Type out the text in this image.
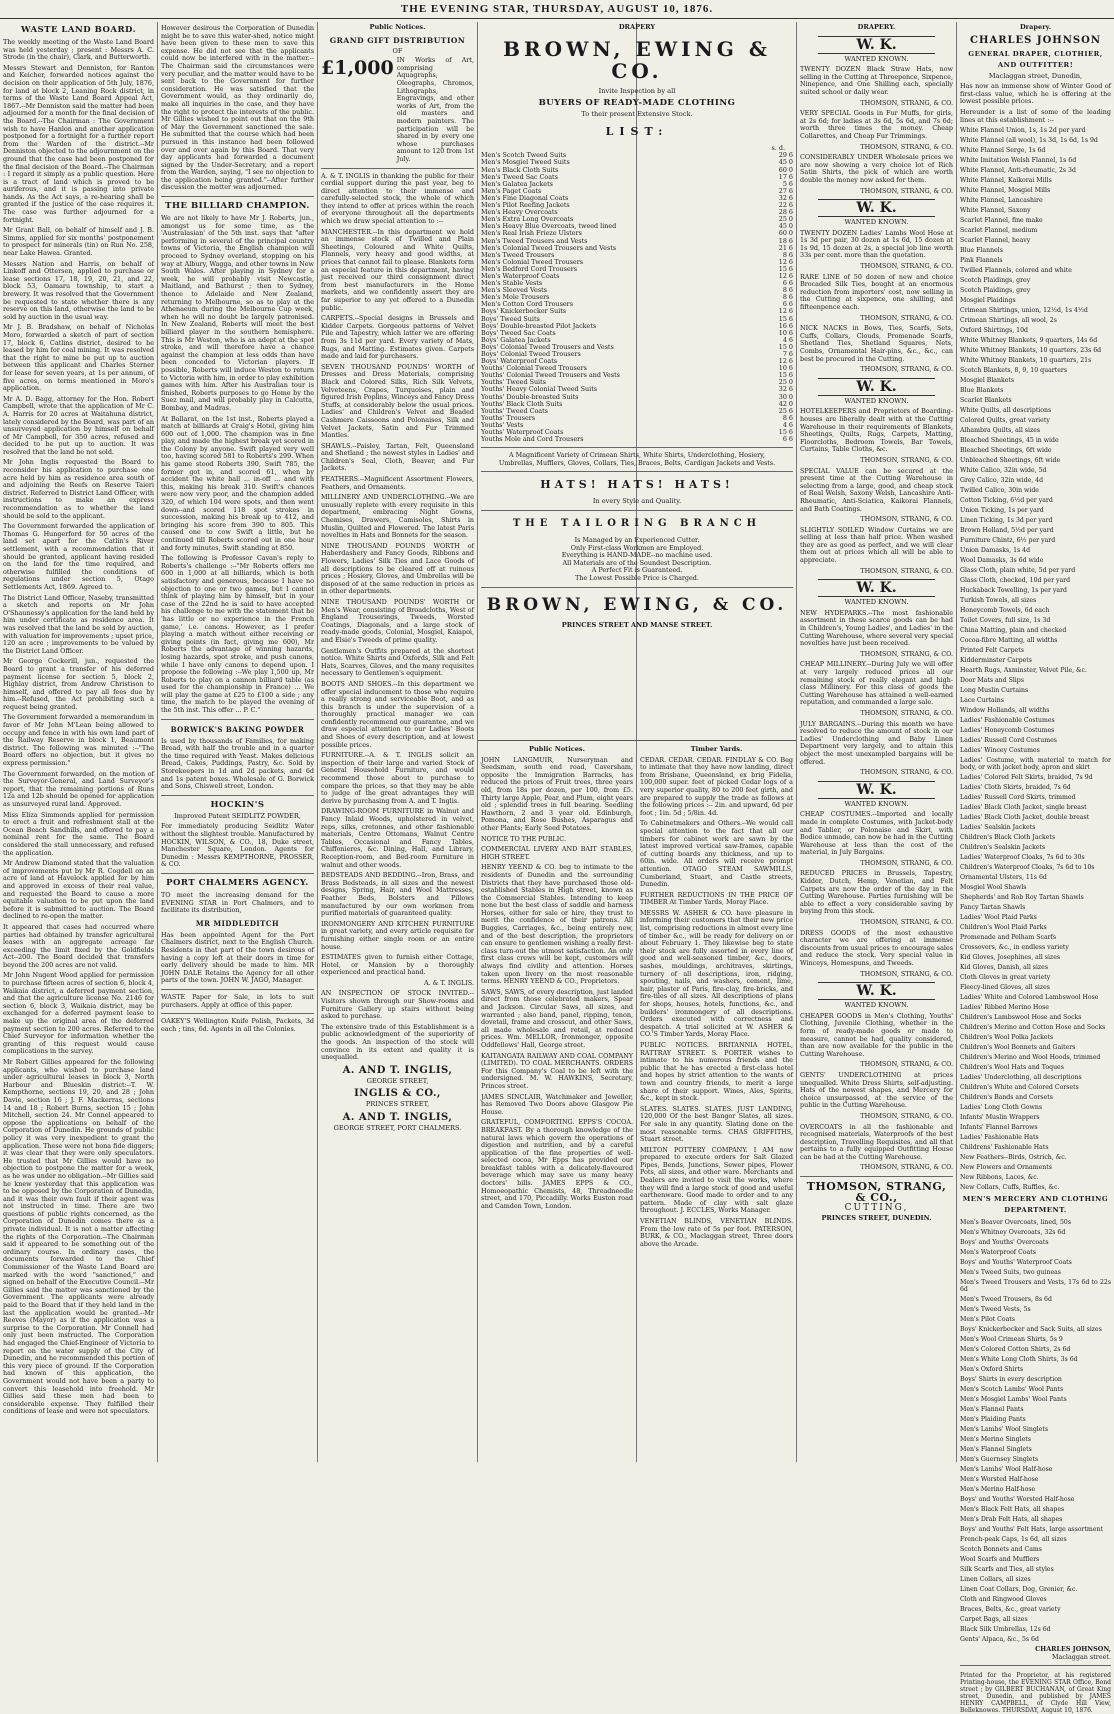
THE EVENING STAR, THURSDAY, AUGUST 10, 1876.
WASTE LAND BOARD.
The weekly meeting of the Waste Land Board was held yesterday ; present : Messrs A. C. Strode (in the chair), Clark, and Butterworth.
Messrs Stewart and Denniston, for Ranton and Keicher, forwarded notices against the decision on their application of 5th July, 1876, for land at block 2, Leaning Rock district, in terms of the Waste Land Board Appeal Act, 1867.--Mr Denniston said the matter had been adjourned for a month for the final decision of the Board.--The Chairman : The Government wish to have Hanlon and another application postponed for a fortnight for a further report from the Warden of the district.--Mr Denniston objected to the adjournment on the ground that the case had been postponed for the final decision of the Board.--The Chairman : I regard it simply as a public question. Here is a tract of land which is proved to be auriferous, and it is passing into private hands. As the Act says, a re-hearing shall be granted if the justice of the case requires it. The case was further adjourned for a fortnight.
Mr Grant Ball, on behalf of himself and J. B. Simms, applied for six months' postponement to prospect for minerals (tin) on Run No. 258, near Lake Hawea. Granted.
Messrs Nation and Harris, on behalf of Linkoff and Ottersen, applied to purchase or lease sections 17, 18, 19, 20, 21, and 22, block 53, Oamaru township, to start a brewery. It was resolved that the Government be requested to state whether there is any reserve on this land, otherwise the land to be sold by auction in the usual way.
Mr J. B. Bradshaw, on behalf of Nicholas Moro, forwarded a sketch of part of section 17, block 6, Catlins district, desired to be leased by him for coal mining. It was resolved that the right to mine be put up to auction between this applicant and Charles Sterner for lease for seven years, at 1s per annum, of five acres, on terms mentioned in Moro's application.
Mr A. D. Bagg, attorney for the Hon. Robert Campbell, wrote that the application of Mr C. A. Harris for 20 acres at Waitahuna district, lately considered by the Board, was part of an unsurveyed application by himself on behalf of Mr Campbell, for 350 acres, refused and decided to be put up to auction. It was resolved that the land be not sold.
Mr John Inglis requested the Board to reconsider his application to purchase one acre held by him as residence area south of and adjoining the Reefs on Reserve Taieri district. Referred to District Land Officer, with instructions to make an express recommendation as to whether the land should be sold to the applicant.
The Government forwarded the application of Thomas G. Hungerford for 50 acres of the land set apart for the Catlin's River settlement, with a recommendation that it should be granted, applicant having resided on the land for the time required, and otherwise fulfilled the conditions of regulations under section 5, Otago Settlements Act, 1869. Agreed to.
The District Land Officer, Naseby, transmitted a sketch and reports on Mr John O'Shaunessy's application for the land held by him under certificate as residence area. It was resolved that the land be sold by auction, with valuation for improvements ; upset price, 120 an acre ; improvements to be valued by the District Land Officer.
Mr George Cockerill, jun., requested the Board to grant a transfer of his deferred payment license for section 5, block 2, Highlay district, from Andrew Christison to himself, and offered to pay all fees due by him.--Refused, the Act prohibiting such a request being granted.
The Government forwarded a memorandum in favor of Mr John M'Lean being allowed to occupy and fence in with his own land part of the Railway Reserve in block 1, Beaumont district. The following was minuted :--"The Board offers no objection, but it gives no express permission."
The Government forwarded, on the motion of the Surveyor-General, and Land Surveyor's report, that the remaining portions of Runs 12a and 12b should be opened for application as unsurveyed rural land. Approved.
Miss Eliza Simmonds applied for permission to erect a fruit and refreshment stall at the Ocean Beach Sandhills, and offered to pay a nominal rent for the same. The Board considered the stall unnecessary, and refused the application.
Mr Andrew Diamond stated that the valuation of improvements put by Mr R. Cogdell on an acre of land at Havelock applied for by him and approved in excess of their real value, and requested the Board to cause a more equitable valuation to be put upon the land before it is submitted to auction. The Board declined to re-open the matter.
It appeared that cases had occurred where parties had obtained by transfer agricultural leases with an aggregate acreage far exceeding the limit fixed by the Goldfields Act--200. The Board decided that transfers beyond the 200 acres are not valid.
Mr John Nugent Wood applied for permission to purchase fifteen acres of section 6, block 4, Waikaia district, a deferred payment section, and that the agriculture license No. 2146 for section 6, block 3, Waikaia district, may be exchanged for a deferred payment lease to make up the original area of the deferred payment section to 200 acres. Referred to the Chief Surveyor for information whether the granting of this request would cause complications in the survey.
Mr Robert Gillies appeared for the following applicants, who wished to purchase land under agricultural leases in block 3, North Harbour and Blueskin district:--T. W. Kempthorne, sections 19, 20, and 28 ; John Davie, section 16 ; J. F. Mackerras, sections 14 and 18 ; Robert Burns, section 15 ; John Mitchell, section 24. Mr Connel appeared to oppose the applications on behalf of the Corporation of Dunedin. He grounds of public policy it was very inexpedient to grant the application. These were not bona fide diggers; it was clear that they were only speculators. He trusted that Mr Gillies would have no objection to postpone the matter for a week, as he was under no obligation.--Mr Gillies said he knew yesterday that this application was to be opposed by the Corporation of Dunedin, and it was their own fault if their agent was not instructed in time. There are two questions of public rights concerned, as the Corporation of Dunedin comes there as a private individual. It is not a matter affecting the rights of the Corporation.--The Chairman said it appeared to be something out of the ordinary course. In ordinary cases, the documents forwarded to the Chief Commissioner of the Waste Land Board are marked with the word "sanctioned," and signed on behalf of the Executive Council.--Mr Gillies said the matter was sanctioned by the Government. The applicants were already paid to the Board that if they held land in the last the application would be granted.--Mr Reeves (Mayor) as if the application was a surprise to the Corporation. Mr Connell had only just been instructed. The Corporation had engaged the Chief-Engineer of Victoria to report on the water supply of the City of Dunedin, and he recommended this portion of this very piece of ground. If the Corporation had known of this application, the Government would not have been a party to convert this leasehold into freehold. Mr Gillies said these men had been to considerable expense. They fulfilled their conditions of lease and were not speculators.
However desirous the Corporation of Dunedin might be to save this water-shed, notice might have been given to these men to save this expense. He did not see that the applicants could now be interfered with in the matter.--The Chairman said the circumstances were very peculiar, and the matter would have to be sent back to the Government for further consideration. He was satisfied that the Government would, as they ordinarily do, make all inquiries in the case, and they have the right to protect the interests of the public. Mr Gillies wished to point out that on the 9th of May the Government sanctioned the sale. He submitted that the course which had been pursued in this instance had been followed over and over again by this Board. That very day applicants had forwarded a document signed by the Under-Secretary, and a report from the Warden, saying, "I see no objection to the application being granted."--After further discussion the matter was adjourned.
THE BILLIARD CHAMPION.
We are not likely to have Mr J. Roberts, jun., amongst us for some time, as the 'Australasian' of the 5th inst. says that "after performing in several of the principal country towns of Victoria, the English champion will proceed to Sydney overland, stopping on his way at Albury, Wagga, and other towns in New South Wales. After playing in Sydney for a week, he will probably visit Newcastle, Maitland, and Bathurst ; then to Sydney, thence to Adelaide and New Zealand, returning to Melbourne, so as to play at the Athenaeum during the Melbourne Cup week, when he will no doubt be largely patronised. In New Zealand, Roberts will meet the best billiard player in the southern hemisphere. This is Mr Weston, who is an adept at the spot stroke, and will therefore have a chance against the champion at less odds than have been conceded to Victorian players. If possible, Roberts will induce Weston to return to Victoria with him, in order to play exhibition games with him. After his Australian tour is finished, Roberts purposes to go Home by the Suez mail, and will probably play in Calcutta, Bombay, and Madras.
At Ballarat, on the 1st inst., Roberts played a match at billiards at Craig's Hotel, giving him 600 out of 1,000. The champion was in fine play, and made the highest break yet scored in the Colony by anyone. Swift played very well too, having scored 581 to Roberts's 299. When his game stood Roberts 390, Swift 785, the former got in, and scored 61, when by accident the white ball ... in-off ... and with this, making his break 310. Swift's chances were now very poor, and the champion added 320, of which 104 were spots, and then went down--and scored 118 spot strokes in succession, making his break up to 412, and bringing his score from 390 to 805. This caused one to cow Swift a little, but he continued till Roberts scored out in one hour and forty minutes, Swift standing at 850.
The following is Professor Cavan's reply to Roberts's challenge :--"Mr Roberts offers me 600 in 1,000 at all billiards, which is both satisfactory and generous, because I have no objection to one or two games, but I cannot think of playing him by himself, but in your case of the 22nd he is said to have accepted his challenge to me with the statement that he 'has little or no experience in the French game,' i.e. canons. However, as I prefer playing a match without either receiving or giving points (in fact, giving me 600), Mr Roberts the advantage of winning hazards, losing hazards, spot stroke, and push canons, while I have only canons to depend upon. I propose the following :--We play 1,500 up, Mr Roberts to play on a cannon billiard table (as used for the championship in France) ... We will play the game at £25 to £100 a side ; any time, the match to be played the evening of the 5th inst. This offer ... P. C."
BORWICK'S BAKING POWDER
Is used by thousands of Families, for making Bread, with half the trouble and in a quarter the time required with Yeast. Makes delicious Bread, Cakes, Puddings, Pastry, &c. Sold by Storekeepers in 1d and 2d packets, and 6d and 1s patent boxes. Wholesale of G. Borwick and Sons, Chiswell street, London.
HOCKIN'S
Improved Patent SEIDLITZ POWDER,
For immediately producing Seidlitz Water without the slightest trouble. Manufactured by HOCKIN, WILSON, & CO., 18, Duke street, Manchester Square, London. Agents for Dunedin : Messrs KEMPTHORNE, PROSSER, & CO.
PORT CHALMERS AGENCY.
TO meet the increasing demand for the EVENING STAR in Port Chalmers, and to facilitate its distribution,
MR MIDDLEDITCH
Has been appointed Agent for the Port Chalmers district, next to the English Church. Residents in that part of the town desirous of having a copy left at their doors in time for early delivery should be made to him. MR JOHN DALE Retains the Agency for all other parts of the town. JOHN W. JAGO, Manager.
WASTE Paper for Sale, in lots to suit purchasers. Apply at office of this paper.
OAKEY'S Wellington Knife Polish, Packets, 3d each ; tins, 6d. Agents in all the Colonies.
Public Notices.
GRAND GIFT DISTRIBUTION
OF
£1,000 IN Works of Art, comprising Aquagraphs, Oleographs, Chromos, Lithographs, Engravings, and other works of Art, from the old masters and modern painters. The participation will be shared in by every one whose purchases amount to 120 from 1st July.
A. & T. INGLIS in thanking the public for their cordial support during the past year, beg to direct attention to their immense and carefully-selected stock, the whole of which they intend to offer at prices within the reach of everyone throughout all the departments which we draw special attention to :--
MANCHESTER.--In this department we hold an immense stock of Twilled and Plain Sheetings, Coloured and White Quilts, Flannels, very heavy and good widths, at prices that cannot fail to please. Blankets form an especial feature in this department, having just received our third consignment direct from best manufacturers in the Home markets, and we confidently assert they are far superior to any yet offered to a Dunedin public.
CARPETS.--Special designs in Brussels and Kidder Carpets. Gorgeous patterns of Velvet Pile and Tapestry, which latter we are offering from 3s 11d per yard. Every variety of Mats, Rugs, and Matting. Estimates given. Carpets made and laid for purchasers.
SEVEN THOUSAND POUNDS' WORTH of Dresses and Dress Materials, comprising Black and Colored Silks, Rich Silk Velvets, Velveteens, Crapes, Turquoises, plain and figured Irish Poplins, Winceys and Fancy Dress Stuffs, at considerably below the usual prices. Ladies' and Children's Velvet and Beaded Cashmere Caissoons and Polonaises, Silk and Velvet Jackets, Satin and Fur Trimmed Mantles.
SHAWLS.--Paisley, Tartan, Felt, Queensland and Shetland ; the newest styles in Ladies' and Children's Seal, Cloth, Beaver, and Fur Jackets.
FEATHERS.--Magnificent Assortment Flowers, Feathers, and Ornaments.
MILLINERY AND UNDERCLOTHING.--We are unusually replete with every requisite in this department, embracing Night Gowns, Chemises, Drawers, Camisoles, Shirts in Muslin, Quilted and Flowered. The latest Paris novelties in Hats and Bonnets for the season.
NINE THOUSAND POUNDS WORTH of Haberdashery and Fancy Goods, Ribbons and Flowers, Ladies' Silk Ties and Lace Goods of all descriptions to be cleared off at ruinous prices ; Hosiery, Gloves, and Umbrellas will be disposed of at the same reduction in prices as in other departments.
NINE THOUSAND POUNDS' WORTH Of Men's Wear, consisting of Broadcloths, West of England Trouserings, Tweeds, Worsted Coatings, Diagonals, and a large stock of ready-made goods, Colonial, Mosgiel, Kaiapoi, and Elsie's Tweeds of prime quality.
Gentlemen's Outfits prepared at the shortest notice. White Shirts and Oxfords, Silk and Felt Hats, Scarves, Gloves, and the many requisites necessary to Gentlemen's equipment.
BOOTS AND SHOES.--In this department we offer special inducement to those who require a really strong and serviceable Boot, and as this branch is under the supervision of a thoroughly practical manager we can confidently recommend our guarantee, and we draw especial attention to our Ladies' Boots and Shoes of every description, and at lowest possible prices.
FURNITURE.--A. & T. INGLIS solicit an inspection of their large and varied Stock of General Household Furniture, and would recommend those about to purchase to compare the prices, so that they may be able to judge of the great advantages they will derive by purchasing from A. and T. Inglis.
DRAWING-ROOM FURNITURE in Walnut and Fancy Inlaid Woods, upholstered in velvet, reps, silks, cretonnes, and other fashionable materials, Centre Ottomans, Walnut Centre Tables, Occasional and Fancy Tables, Chiffonieres, &c. Dining, Hall, and Library, Reception-room, and Bed-room Furniture in walnut and other woods.
BEDSTEADS AND BEDDING.--Iron, Brass, and Brass Bedsteads, in all sizes and the newest designs, Spring, Hair, and Wool Mattresses, Feather Beds, Bolsters and Pillows manufactured by our own workmen from purified materials of guaranteed quality.
IRONMONGERY AND KITCHEN FURNITURE in great variety, and every article requisite for furnishing either single room or an entire house.
ESTIMATES given to furnish either Cottage, Hotel, or Mansion by a thoroughly experienced and practical hand.
A. & T. INGLIS.
AN INSPECTION OF STOCK INVITED.--Visitors shown through our Show-rooms and Furniture Gallery up stairs without being asked to purchase.
The extensive trade of this Establishment is a public acknowledgment of the superiority of the goods. An inspection of the stock will convince in its extent and quality it is unequalled.
A. AND T. INGLIS,
GEORGE STREET,
INGLIS & CO.,
PRINCES STREET,
A. AND T. INGLIS,
GEORGE STREET, PORT CHALMERS.
DRAPERY
BROWN, EWING & CO.
Invite Inspection by all
BUYERS OF READY-MADE CLOTHING
To their present Extensive Stock.
LIST:
s. d.
Men's Scotch Tweed Suits	29 6
Men's Mosgiel Tweed Suits	45 0
Men's Black Cloth Suits	60 0
Men's Tweed Sac Coats	17 6
Men's Galatea Jackets	5 6
Men's Paget Coats	27 6
Men's Fine Diagonal Coats	32 6
Men's Pilot Reefing Jackets	22 6
Men's Heavy Overcoats	28 6
Men's Extra Long Overcoats	25 0
Men's Heavy Blue Overcoats, tweed lined	45 0
Men's Real Irish Frieze Ulsters	60 0
Men's Tweed Trousers and Vests	18 6
Men's Colonial Tweed Trousers and Vests	21 6
Men's Tweed Trousers	8 6
Men's Colonial Tweed Trousers	12 6
Men's Bedford Cord Trousers	15 6
Men's Waterproof Coats	12 6
Men's Stable Vests	6 6
Men's Sleeved Vests	8 6
Men's Mole Trousers	8 6
Men's Cotton Cord Trousers	6 6
Boys' Knickerbocker Suits	12 6
Boys' Tweed Suits	15 6
Boys' Double-breasted Pilot Jackets	16 6
Boys' Tweed Sac Coats	10 6
Boys' Galatea Jackets	4 6
Boys' Colonial Tweed Trousers and Vests	15 0
Boys' Colonial Tweed Trousers	7 6
Boys' Waterproof Coats	12 6
Youths' Colonial Tweed Trousers	10 6
Youths' Colonial Tweed Trousers and Vests	15 6
Youths' Tweed Suits	25 0
Youths' Heavy Colonial Tweed Suits	32 6
Youths' Double-breasted Suits	30 0
Youths' Black Cloth Suits	42 0
Youths' Tweed Coats	25 6
Youths' Trousers	8 6
Youths' Vests	4 6
Youths' Waterproof Coats	15 6
Youths Mole and Cord Trousers	6 6
A Magnificent Variety of Crimean Shirts, White Shirts, Underclothing, Hosiery, Umbrellas, Mufflers, Gloves, Collars, Ties, Braces, Belts, Cardigan Jackets and Vests.
HATS! HATS! HATS!
In every Style and Quality.
THE TAILORING BRANCH
Is Managed by an Experienced Cutter.
Only First-class Workmen are Employed.
Everything is HAND-MADE--no machine used.
All Materials are of the Soundest Description.
A Perfect Fit is Guaranteed.
The Lowest Possible Price is Charged.
BROWN, EWING, & CO.
PRINCES STREET AND MANSE STREET.
Public Notices.
JOHN LANGMUIR, Nurseryman and Seedsman, south end road, Caversham, opposite the Immigration Barracks, has reduced the prices of Fruit trees, three years old, from 18s per dozen, per 100, from £5. Thirty large Apple, Pear, and Plum, eight years old ; splendid trees in full bearing. Seedling Hawthorn, 2 and 3 year old. Edinburgh, Pomona, and Rose Bushes, Asparagus and other Plants; Early Seed Potatoes.
NOTICE TO THE PUBLIC.
COMMERCIAL LIVERY AND BAIT STABLES, HIGH STREET.
HENRY YEEND & CO. beg to intimate to the residents of Dunedin and the surrounding Districts that they have purchased those old-established Stables in High street, known as the Commercial Stables. Intending to keep none but the best class of saddle and harness Horses, either for sale or hire, they trust to merit the confidence of their patrons. All Buggies, Carriages, &c., being entirely new, and of the best description, the proprietors can ensure to gentlemen wishing a really first-class turn-out the utmost satisfaction. An only first class crews will be kept, customers will always find civility and attention. Horses taken upon livery on the most reasonable terms. HENRY YEEND & CO., Proprietors.
SAWS, SAWS, of every description, just landed direct from those celebrated makers, Spear and Jackson. Circular Saws, all sizes, and warranted ; also band, panel, ripping, tenon, dovetail, frame and crosscut, and other Saws, all made wholesale and retail, at reduced prices. Wm. MELLOR, Ironmonger, opposite Oddfellows' Hall, George street.
KAITANGATA RAILWAY AND COAL COMPANY (LIMITED). TO COAL MERCHANTS. ORDERS For this Company's Coal to be left with the undersigned. M. W. HAWKINS, Secretary, Princes street.
JAMES SINCLAIR, Watchmaker and Jeweller, has Removed Two Doors above Glasgow Pie House.
GRATEFUL, COMFORTING. EPPS'S COCOA. BREAKFAST. By a thorough knowledge of the natural laws which govern the operations of digestion and nutrition, and by a careful application of the fine properties of well-selected cocoa, Mr Epps has provided our breakfast tables with a delicately-flavoured beverage which may save us many heavy doctors' bills. JAMES EPPS & CO., Homoeopathic Chemists, 48, Threadneedle street, and 170, Piccadilly. Works Euston road and Camden Town, London.
Timber Yards.
CEDAR. CEDAR. CEDAR. FINDLAY & CO. Beg to intimate that they have now landing, direct from Brisbane, Queensland, ex brig Fidelia, 100,000 super. feet of picked Cedar logs of a very superior quality, 80 to 200 feet girth, and are prepared to supply the trade as follows at the following prices :-- 2in. and upward, 6d per foot ; 1in. 5d ; 5/8in. 4d.
To Cabinetmakers and Others.--We would call special attention to the fact that all our timbers for cabinet work are sawn by the latest improved vertical saw-frames, capable of cutting boards any thickness, and up to 60in. wide. All orders will receive prompt attention. OTAGO STEAM SAWMILLS, Cumberland, Stuart, and Castle streets, Dunedin.
FURTHER REDUCTIONS IN THE PRICE OF TIMBER At Timber Yards, Moray Place.
MESSRS W. ASHER & CO. have pleasure in informing their customers that their new price list, comprising reductions in almost every line of timber &c., will be ready for delivery on or about February 1. They likewise beg to state their stock are fully assorted in every line of good and well-seasoned timber, &c., doors, sashes, mouldings, architraves, skirtings, turnery of all descriptions, iron, ridging, spouting, nails, and washers, cement, lime, hair, plaster of Paris, fire-clay, fire-bricks, and fire-tiles of all sizes. All descriptions of plans for shops, houses, hotels, functions, &c., and builders' ironmongery of all descriptions. Orders executed with correctness and despatch. A trial solicited at W. ASHER & CO.'S Timber Yards, Moray Place.
PUBLIC NOTICES. BRITANNIA HOTEL, RATTRAY STREET. S. PORTER wishes to intimate to his numerous friends and the public that he has erected a first-class hotel and hopes by strict attention to the wants of town and country friends, to merit a large share of their support. Wines, Ales, Spirits, &c., kept in stock.
SLATES. SLATES. SLATES. JUST LANDING, 120,000 Of the best Bangor Slates, all sizes. For sale in any quantity. Slating done on the most reasonable terms. CHAS GRIFFITHS, Stuart street.
MILTON POTTERY COMPANY. I AM now prepared to execute orders for Salt Glazed Pipes, Bends, Junctions, Sewer pipes, Flower Pots, all sizes, and other ware. Merchants and Dealers are invited to visit the works, where they will find a large stock of good and useful earthenware. Good made to order and to any pattern. Made of clay with salt glaze throughout. J. ECCLES, Works Manager.
VENETIAN BLINDS, VENETIAN BLINDS. From the low rate of 5s per foot. PATERSON, BURK, & CO., Maclaggan street, Three doors above the Arcade.
DRAPERY.
W. K.
WANTED KNOWN.
TWENTY DOZEN Black Straw Hats, now selling in the Cutting at Threepence, Sixpence, Ninepence, and One Shilling each, specially suited school or daily wear.
THOMSON, STRANG, & CO.
VERY SPECIAL Goods in Fur Muffs, for girls, at 2s 6d; for ladies at 3s 6d, 5s 6d, and 7s 6d; worth three times the money. Cheap Collarettes, and Cheap Fur Trimmings.
THOMSON, STRANG, & CO.
CONSIDERABLY UNDER Wholesale prices we are now showing a very choice lot of Rich Satin Shirts, the pick of which are worth double the money now asked for them.
THOMSON, STRANG, & CO.
W. K.
WANTED KNOWN.
TWENTY DOZEN Ladies' Lambs Wool Hose at 1s 3d per pair, 30 dozen at 1s 6d, 15 dozen at 1s 9d, 15 dozen at 2s, a special job line worth 33s per cent. more than the quotation.
THOMSON, STRANG, & CO.
RARE LINE of 50 dozen of new and choice Brocaded Silk Ties, bought at an enormous reduction from importers' cost, now selling in the Cutting at sixpence, one shilling, and fifteenpence each.
THOMSON, STRANG, & CO.
NICK NACKS in Bows, Ties, Scarfs, Sets, Cuffs, Collars, Clouds, Promenade Scarfs, Shetland Ties, Shetland Squares, Nets, Combs, Ornamental Hair-pins, &c., &c., can best be procured in the Cutting.
THOMSON, STRANG, & CO.
W. K.
WANTED KNOWN.
HOTELKEEPERS and Proprietors of Boarding-houses are liberally dealt with at the Cutting Warehouse in their requirements of Blankets, Sheetings, Quilts, Rugs, Carpets, Matting, Floorcloths, Bedroom Towels, Bar Towels, Curtains, Table Cloths, &c.
THOMSON, STRANG, & CO.
SPECIAL VALUE can be secured at the present time at the Cutting Warehouse in selecting from a large, good, and cheap stock of Real Welsh, Saxony Welsh, Lancashire Anti-Rheumatic, Anti-Sciatica, Kaikorai Flannels, and Bath Coatings.
THOMSON, STRANG, & CO.
SLIGHTLY SOILED Window Curtains we are selling at less than half price. When washed they are as good as perfect, and we will clear them out at prices which all will be able to appreciate.
THOMSON, STRANG, & CO.
W. K.
WANTED KNOWN.
NEW HYDEPARKS.--The most fashionable assortment in these scarce goods can be had in Children's, Young Ladies', and Ladies' in the Cutting Warehouse, where several very special novelties have just been received.
THOMSON, STRANG, & CO.
CHEAP MILLINERY.--During July we will offer at very largely reduced prices all our remaining stock of really elegant and high-class Millinery. For this class of goods the Cutting Warehouse has attained a well-earned reputation, and commanded a large sale.
THOMSON, STRANG, & CO.
JULY BARGAINS.--During this month we have resolved to reduce the amount of stock in our Ladies' Underclothing and Baby Linen Department very largely, and to attain this object the most unexampled bargains will be offered.
THOMSON, STRANG, & CO.
W. K.
WANTED KNOWN.
CHEAP COSTUMES.--Imported and locally made in complete Costumes, with Jacket-body and Tablier, or Polonaise and Skirt, with Bodice unmade, can now be had in the Cutting Warehouse at less than the cost of the material, in July Bargains.
THOMSON, STRANG, & CO.
REDUCED PRICES in Brussels, Tapestry, Kidder, Dutch, Hemp, Venetian, and Felt Carpets are now the order of the day in the Cutting Warehouse. Parties furnishing will be able to effect a very considerable saving by buying from this stock.
THOMSON, STRANG, & CO.
DRESS GOODS of the most exhaustive character we are offering at immense discounts from usual prices to encourage sales and reduce the stock. Very special value in Winceys, Homespuns, and Tweeds.
THOMSON, STRANG, & CO.
W. K.
WANTED KNOWN.
CHEAPER GOODS in Men's Clothing, Youths' Clothing, Juvenile Clothing, whether in the form of ready-made goods or made to measure, cannot be had, quality considered, than are now available for the public in the Cutting Warehouse.
THOMSON, STRANG, & CO.
GENTS' UNDERCLOTHING at prices unequalled. White Dress Shirts, self-adjusting. Hats of the newest shapes, and Mercery for choice unsurpassed, at the service of the public in the Cutting Warehouse.
THOMSON, STRANG, & CO.
OVERCOATS in all the fashionable and recognised materials, Waterproofs of the best description, Travelling Requisites, and all that pertains to a fully equipped Outfitting House can be had at the Cutting Warehouse.
THOMSON, STRANG, & CO.
THOMSON, STRANG, & CO.,
CUTTING,
PRINCES STREET, DUNEDIN.
Drapery.
CHARLES JOHNSON
GENERAL DRAPER, CLOTHIER, AND OUTFITTER!
Maclaggan street, Dunedin,
Has now an immense show of Winter Good of first-class value, which he is offering at the lowest possible prices.
Hereunder is a list of some of the leading lines at this establishment :--
White Flannel Union, 1s, 1s 2d per yard
White Flannel (all wool), 1s 3d, 1s 6d, 1s 9d
White Flannel Serge, 1s 6d
White Imitation Welsh Flannel, 1s 6d
White Flannel, Anti-rheumatic, 2s 3d
White Flannel, Kaikorai Mills
White Flannel, Mosgiel Mills
White Flannel, Lancashire
White Flannel, Saxony
Scarlet Flannel, fine make
Scarlet Flannel, medium
Scarlet Flannel, heavy
Blue Flannels
Pink Flannels
Twilled Flannels, colored and white
Scotch Plaidings, grey
Scotch Plaidings, grey
Mosgiel Plaidings
Crimean Shirtings, union, 12½d, 1s 4½d
Crimean Shirtings, all wool, 2s
Oxford Shirtings, 10d
White Whitney Blankets, 9 quarters, 14s 6d
White Whitney Blankets, 10 quarters, 23s 6d
White Whitney Blankets, 10 quarters, 21s
Scotch Blankets, 8, 9, 10 quarters
Mosgiel Blankets
Blue Blankets
Scarlet Blankets
White Quilts, all descriptions
Colored Quilts, great variety
Alhambra Quilts, all sizes
Bleached Sheetings, 45 in wide
Bleached Sheetings, 6ft wide
Unbleached Sheetings, 6ft wide
White Calico, 32in wide, 5d
Grey Calico, 32in wide, 4d
Twilled Calico, 30in wide
Cotton Ticking, 6½d per yard
Union Ticking, 1s per yard
Linen Ticking, 1s 3d per yard
Brown Holland, 5½d per yard
Furniture Chintz, 6½ per yard
Union Damasks, 1s 4d
Wool Damasks, 3s 6d wide
Glass Cloth, plain white, 5d per yard
Glass Cloth, checked, 10d per yard
Huckaback Towelling, 1s per yard
Turkish Towels, all sizes
Honeycomb Towels, 6d each
Toilet Covers, full size, 1s 3d
China Matting, plain and checked
Cocoa-fibre Matting, all widths
Printed Felt Carpets
Kidderminster Carpets
Hearth Rugs, Axminster, Velvet Pile, &c.
Door Mats and Slips
Long Muslin Curtains
Lace Curtains
Window Hollands, all widths
Ladies' Fashionable Costumes
Ladies' Honeycomb Costumes
Ladies' Russell Cord Costumes
Ladies' Wincey Costumes
Ladies' Costume, with material to match for body, or with jacket body, apron and skirt
Ladies' Colored Felt Skirts, braided, 7s 9d
Ladies' Cloth Skirts, braided, 7s 6d
Ladies' Russell Cord Skirts, trimmed
Ladies' Black Cloth Jacket, single breast
Ladies' Black Cloth Jacket, double breast
Ladies' Sealskin Jackets
Children's Black Cloth Jackets
Children's Sealskin Jackets
Ladies' Waterproof Cloaks, 7s 6d to 30s
Children's Waterproof Cloaks, 7s 6d to 10s
Ornamental Ulsters, 11s 6d
Mosgiel Wool Shawls
Shepherds' and Rob Roy Tartan Shawls
Fancy Tartan Shawls
Ladies' Wool Plaid Parks
Children's Wool Plaid Parks
Promenade and Pelham Scarfs
Crossovers, &c., in endless variety
Kid Gloves, Josephines, all sizes
Kid Gloves, Danish, all sizes
Cloth Gloves in great variety
Fleecy-lined Gloves, all sizes
Ladies' White and Colored Lambswool Hose
Ladies' Ribbed Merino Hose
Children's Lambswool Hose and Socks
Children's Merino and Cotton Hose and Socks
Children's Wool Polka Jackets
Children's Wool Bonnets and Gaiters
Children's Merino and Wool Hoods, trimmed
Children's Wool Hats and Toques
Ladies' Underclothing, all descriptions
Children's White and Colored Corsets
Children's Bands and Corsets
Ladies' Long Cloth Gowns
Infants' Muslin Wrappers
Infants' Flannel Barrows
Ladies' Fashionable Hats
Childrens' Fashionable Hats
New Feathers--Birds, Ostrich, &c.
New Flowers and Ornaments
New Ribbons, Laces, &c.
New Collars, Cuffs, Ruffles, &c.
MEN'S MERCERY AND CLOTHING DEPARTMENT.
Men's Beaver Overcoats, lined, 50s
Men's Whitney Overcoats, 32s 6d
Boys' and Youths' Overcoats
Men's Waterproof Coats
Boys' and Youths' Waterproof Coats
Men's Tweed Suits, two guineas
Men's Tweed Trousers and Vests, 17s 6d to 22s 6d
Men's Tweed Trousers, 8s 6d
Men's Tweed Vests, 5s
Men's Pilot Coats
Boys' Knickerbocker and Sack Suits, all sizes
Men's Wool Crimean Shirts, 5s 9
Men's Colored Cotton Shirts, 2s 6d
Men's White Long Cloth Shirts, 3s 6d
Men's Oxford Shirts
Boys' Shirts in every description
Men's Scotch Lambs' Wool Pants
Men's Mosgiel Lambs' Wool Pants
Men's Flannel Pants
Men's Plaiding Pants
Men's Lambs' Wool Singlets
Men's Merino Singlets
Men's Flannel Singlets
Men's Guernsey Singlets
Men's Lambs' Wool Half-hose
Men's Worsted Half-hose
Men's Merino Half-hose
Boys' and Youths' Worsted Half-hose
Men's Black Felt Hats, all shapes
Men's Drab Felt Hats, all shapes
Boys' and Youths' Felt Hats, large assortment
French-peak Caps, 1s 6d, all sizes
Scotch Bonnets and Cams
Wool Scarfs and Mufflers
Silk Scarfs and Ties, all styles
Linen Collars, all sizes
Linen Coat Collars, Dog, Grenier, &c.
Cloth and Ringwood Gloves
Braces, Belts, &c., great variety
Carpet Bags, all sizes
Black Silk Umbrellas, 12s 6d
Gents' Alpaca, &c., 5s 6d
CHARLES JOHNSON,
Maclaggan street.
Printed for the Proprietor, at his registered Printing-house, the EVENING STAR Office, Bond street ; by GILBERT BUCHANAN, of Great King street, Dunedin, and published by JAMES HENRY CAMPBELL, of Clyde Hill View, Belleknowes. THURSDAY, August 10, 1876.
